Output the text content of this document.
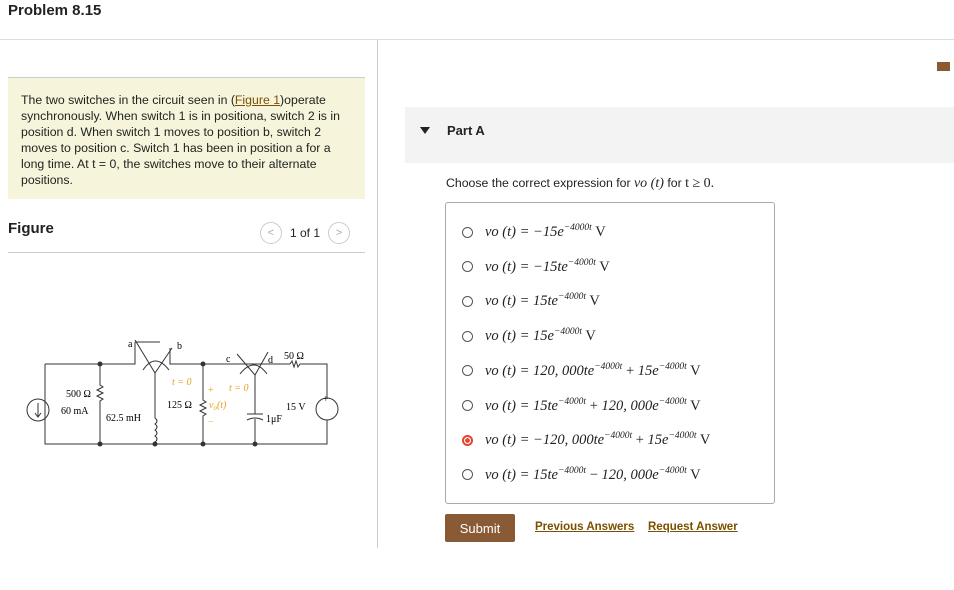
Problem 8.15
The two switches in the circuit seen in (Figure 1)operate synchronously. When switch 1 is in positiona, switch 2 is in position d. When switch 1 moves to position b, switch 2 moves to position c. Switch 1 has been in position a for a long time. At t = 0, the switches move to their alternate positions.
Figure	<	1 of 1	>
500 Ω
60 mA
62.5 mH
125 Ω $v_o(t)$
+
−
t = 0
t = 0
1μF
50 Ω
15 V
+
a	b
c	d
Part A
Choose the correct expression for vo (t) for t ≥ 0.
vo $(t) = -15e^{-4000t}$ V
vo $(t) = -15te^{-4000t}$ V
vo $(t) = 15te^{-4000t}$ V
vo $(t) = 15e^{-4000t}$ V
vo (t) = 120, $000te^{-4000t} + 15e^{-4000t}$ V
vo $(t) = 15te^{-4000t} + 120$, $000e^{-4000t}$ V
vo (t) = −120, $000te^{-4000t} + 15e^{-4000t}$ V
vo $(t) = 15te^{-4000t} - 120$, $000e^{-4000t}$ V
Submit	Previous Answers Request Answer
